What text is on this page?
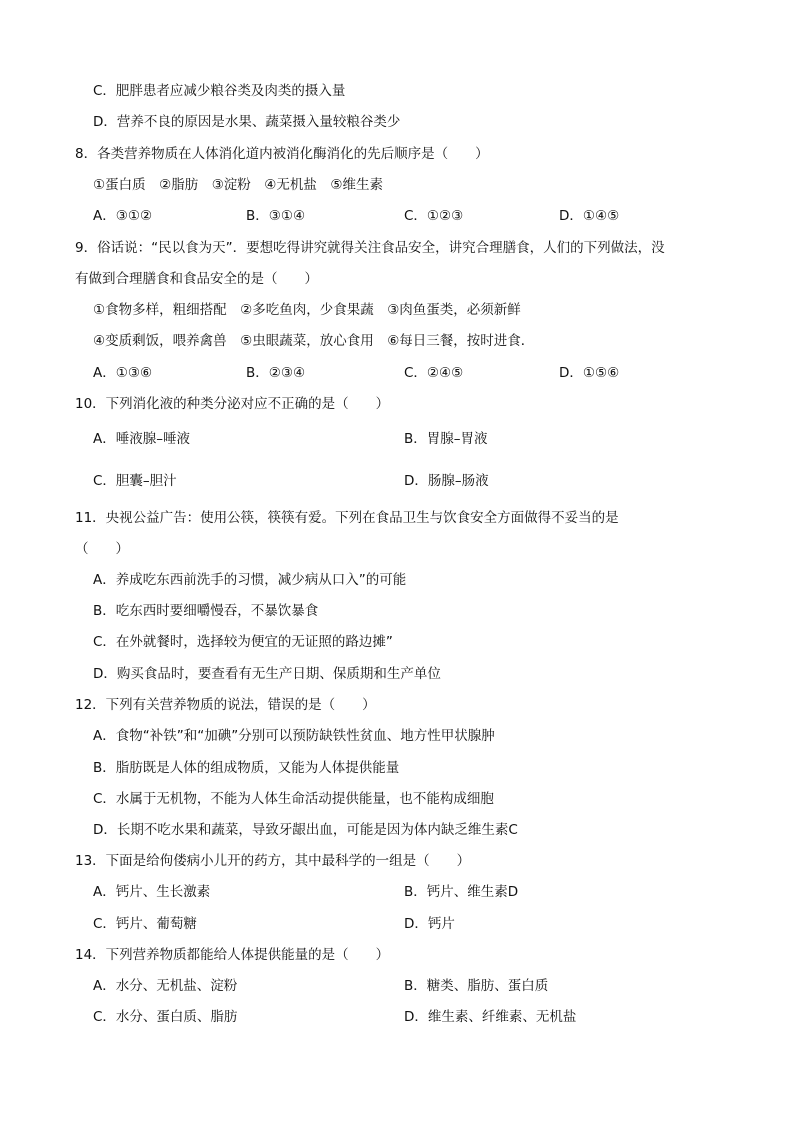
C．肥胖患者应减少粮谷类及肉类的摄入量
D．营养不良的原因是水果、蔬菜摄入量较粮谷类少
8．各类营养物质在人体消化道内被消化酶消化的先后顺序是（　　）
①蛋白质　②脂肪　③淀粉　④无机盐　⑤维生素
A．③①②	B．③①④	C．①②③	D．①④⑤
9．俗话说：“民以食为天”．要想吃得讲究就得关注食品安全，讲究合理膳食，人们的下列做法，没
有做到合理膳食和食品安全的是（　　）
①食物多样，粗细搭配　②多吃鱼肉，少食果蔬　③肉鱼蛋类，必须新鲜
④变质剩饭，喂养禽兽　⑤虫眼蔬菜，放心食用　⑥每日三餐，按时进食．
A．①③⑥	B．②③④	C．②④⑤	D．①⑤⑥
10．下列消化液的种类分泌对应不正确的是（　　）
A．唾液腺–唾液	B．胃腺–胃液
C．胆囊–胆汁	D．肠腺–肠液
11．央视公益广告：使用公筷，筷筷有爱。下列在食品卫生与饮食安全方面做得不妥当的是
（　　）
A．养成吃东西前洗手的习惯，减少病从口入”的可能
B．吃东西时要细嚼慢吞，不暴饮暴食
C．在外就餐时，选择较为便宜的无证照的路边摊”
D．购买食品时，要查看有无生产日期、保质期和生产单位
12．下列有关营养物质的说法，错误的是（　　）
A．食物“补铁”和“加碘”分别可以预防缺铁性贫血、地方性甲状腺肿
B．脂肪既是人体的组成物质，又能为人体提供能量
C．水属于无机物，不能为人体生命活动提供能量，也不能构成细胞
D．长期不吃水果和蔬菜，导致牙龈出血，可能是因为体内缺乏维生素C
13．下面是给佝偻病小儿开的药方，其中最科学的一组是（　　）
A．钙片、生长激素	B．钙片、维生素D
C．钙片、葡萄糖	D．钙片
14．下列营养物质都能给人体提供能量的是（　　）
A．水分、无机盐、淀粉	B．糖类、脂肪、蛋白质
C．水分、蛋白质、脂肪	D．维生素、纤维素、无机盐
